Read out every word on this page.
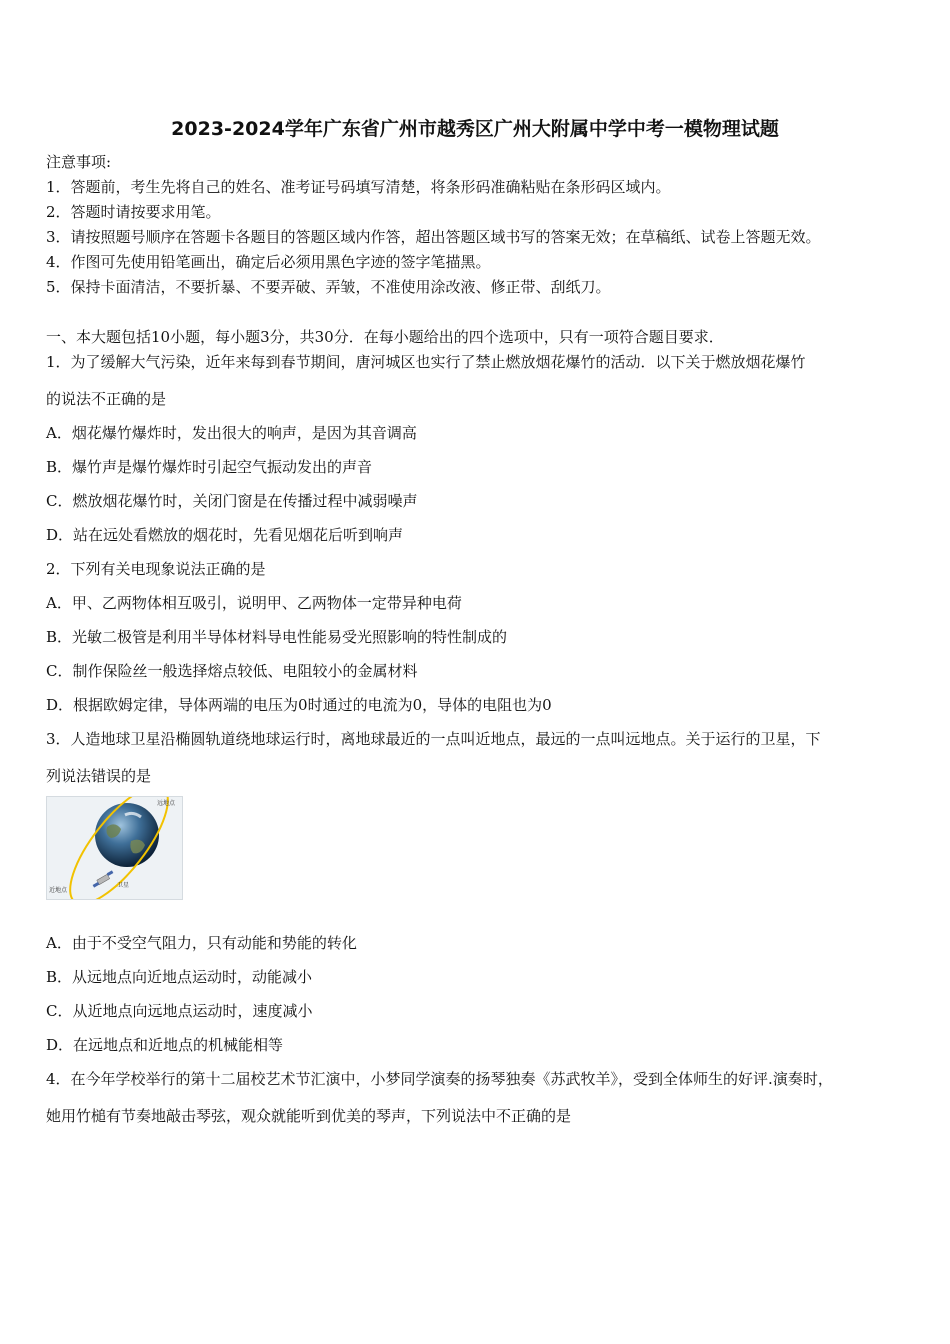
2023-2024学年广东省广州市越秀区广州大附属中学中考一模物理试题
注意事项:
1．答题前，考生先将自己的姓名、准考证号码填写清楚，将条形码准确粘贴在条形码区域内。
2．答题时请按要求用笔。
3．请按照题号顺序在答题卡各题目的答题区域内作答，超出答题区域书写的答案无效；在草稿纸、试卷上答题无效。
4．作图可先使用铅笔画出，确定后必须用黑色字迹的签字笔描黑。
5．保持卡面清洁，不要折暴、不要弄破、弄皱，不准使用涂改液、修正带、刮纸刀。
一、本大题包括10小题，每小题3分，共30分．在每小题给出的四个选项中，只有一项符合题目要求．
1．为了缓解大气污染，近年来每到春节期间，唐河城区也实行了禁止燃放烟花爆竹的活动．以下关于燃放烟花爆竹
的说法不正确的是
A．烟花爆竹爆炸时，发出很大的响声，是因为其音调高
B．爆竹声是爆竹爆炸时引起空气振动发出的声音
C．燃放烟花爆竹时，关闭门窗是在传播过程中减弱噪声
D．站在远处看燃放的烟花时，先看见烟花后听到响声
2．下列有关电现象说法正确的是
A．甲、乙两物体相互吸引，说明甲、乙两物体一定带异种电荷
B．光敏二极管是利用半导体材料导电性能易受光照影响的特性制成的
C．制作保险丝一般选择熔点较低、电阻较小的金属材料
D．根据欧姆定律，导体两端的电压为0时通过的电流为0，导体的电阻也为0
3．人造地球卫星沿椭圆轨道绕地球运行时，离地球最近的一点叫近地点，最远的一点叫远地点。关于运行的卫星，下
列说法错误的是
近地点
卫星
远地点
A．由于不受空气阻力，只有动能和势能的转化
B．从远地点向近地点运动时，动能减小
C．从近地点向远地点运动时，速度减小
D．在远地点和近地点的机械能相等
4．在今年学校举行的第十二届校艺术节汇演中，小梦同学演奏的扬琴独奏《苏武牧羊》，受到全体师生的好评.演奏时，
她用竹槌有节奏地敲击琴弦，观众就能听到优美的琴声，下列说法中不正确的是
